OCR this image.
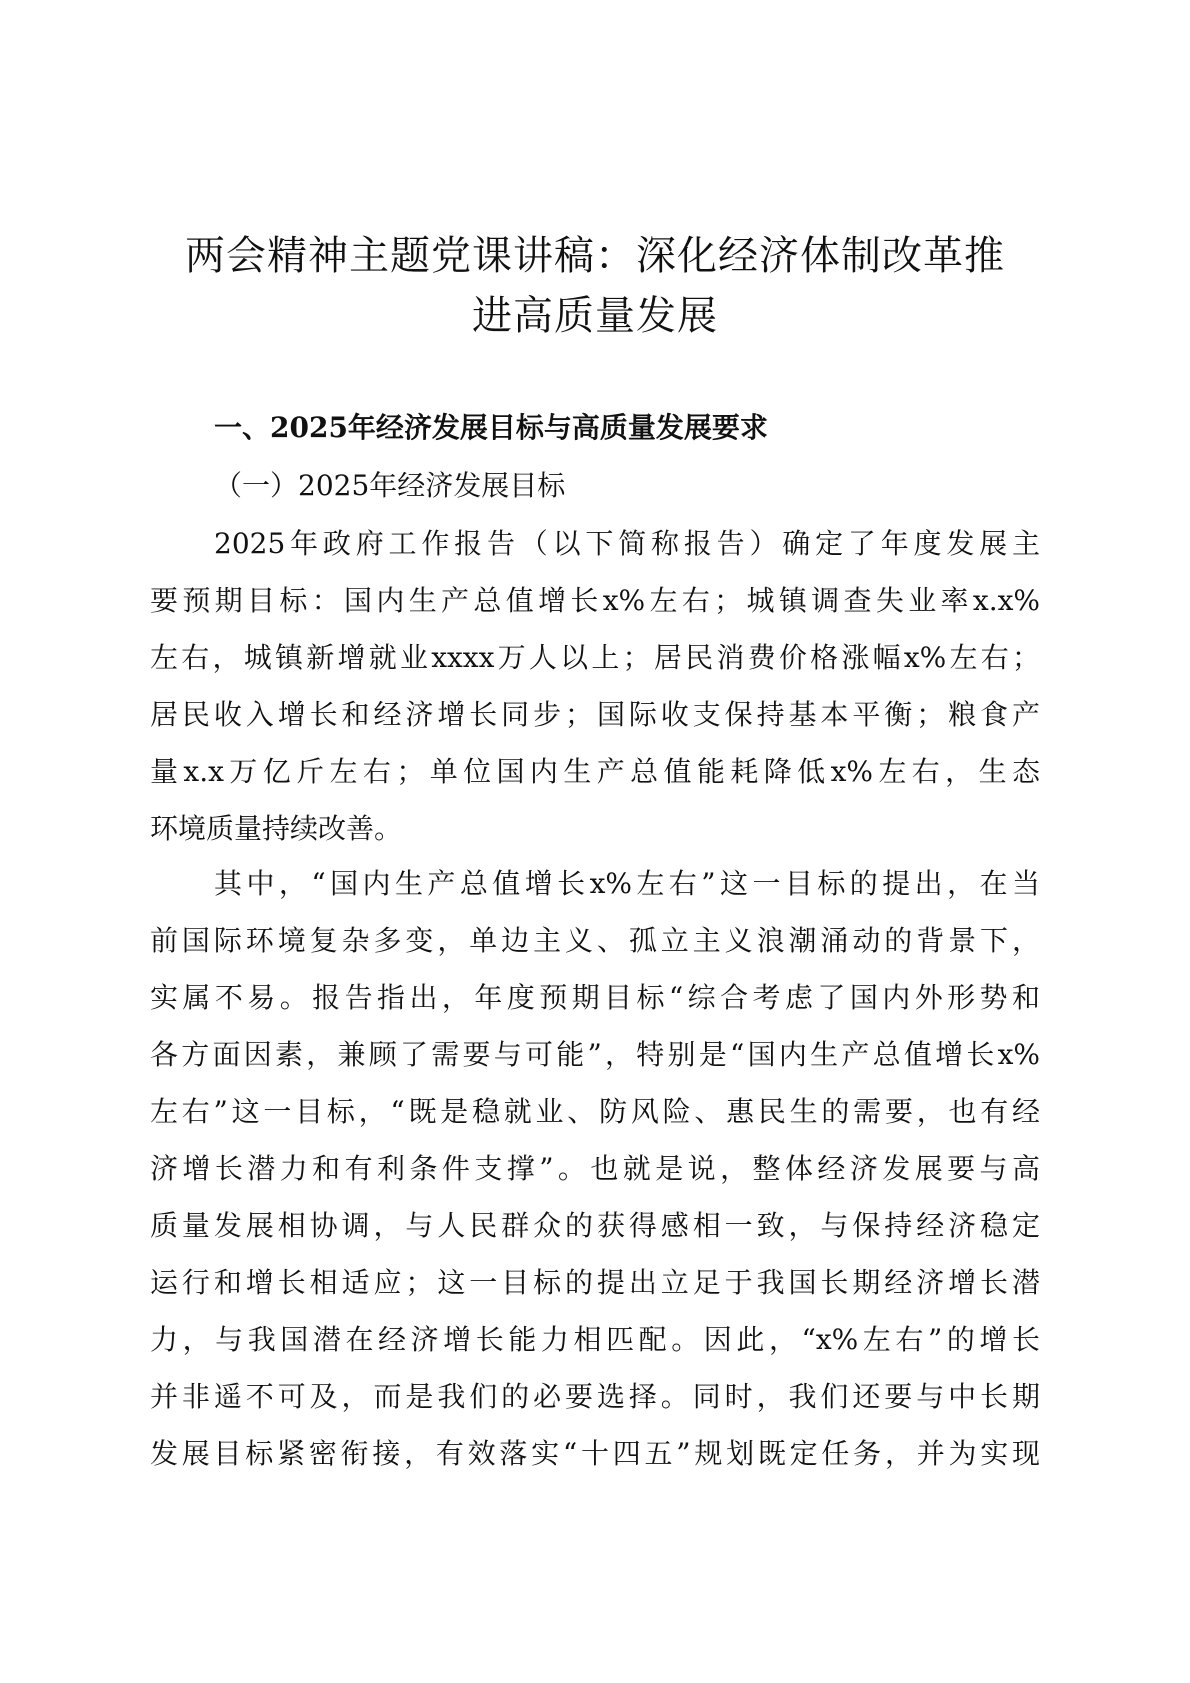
两会精神主题党课讲稿：深化经济体制改革推
进高质量发展
一、2025年经济发展目标与高质量发展要求
（一）2025年经济发展目标
2025年政府工作报告（以下简称报告）确定了年度发展主
要预期目标：国内生产总值增长x%左右；城镇调查失业率x.x%
左右，城镇新增就业xxxx万人以上；居民消费价格涨幅x%左右；
居民收入增长和经济增长同步；国际收支保持基本平衡；粮食产
量x.x万亿斤左右；单位国内生产总值能耗降低x%左右，生态
环境质量持续改善。
其中，“国内生产总值增长x%左右”这一目标的提出，在当
前国际环境复杂多变，单边主义、孤立主义浪潮涌动的背景下，
实属不易。报告指出，年度预期目标“综合考虑了国内外形势和
各方面因素，兼顾了需要与可能”，特别是“国内生产总值增长x%
左右”这一目标，“既是稳就业、防风险、惠民生的需要，也有经
济增长潜力和有利条件支撑”。也就是说，整体经济发展要与高
质量发展相协调，与人民群众的获得感相一致，与保持经济稳定
运行和增长相适应；这一目标的提出立足于我国长期经济增长潜
力，与我国潜在经济增长能力相匹配。因此，“x%左右”的增长
并非遥不可及，而是我们的必要选择。同时，我们还要与中长期
发展目标紧密衔接，有效落实“十四五”规划既定任务，并为实现
